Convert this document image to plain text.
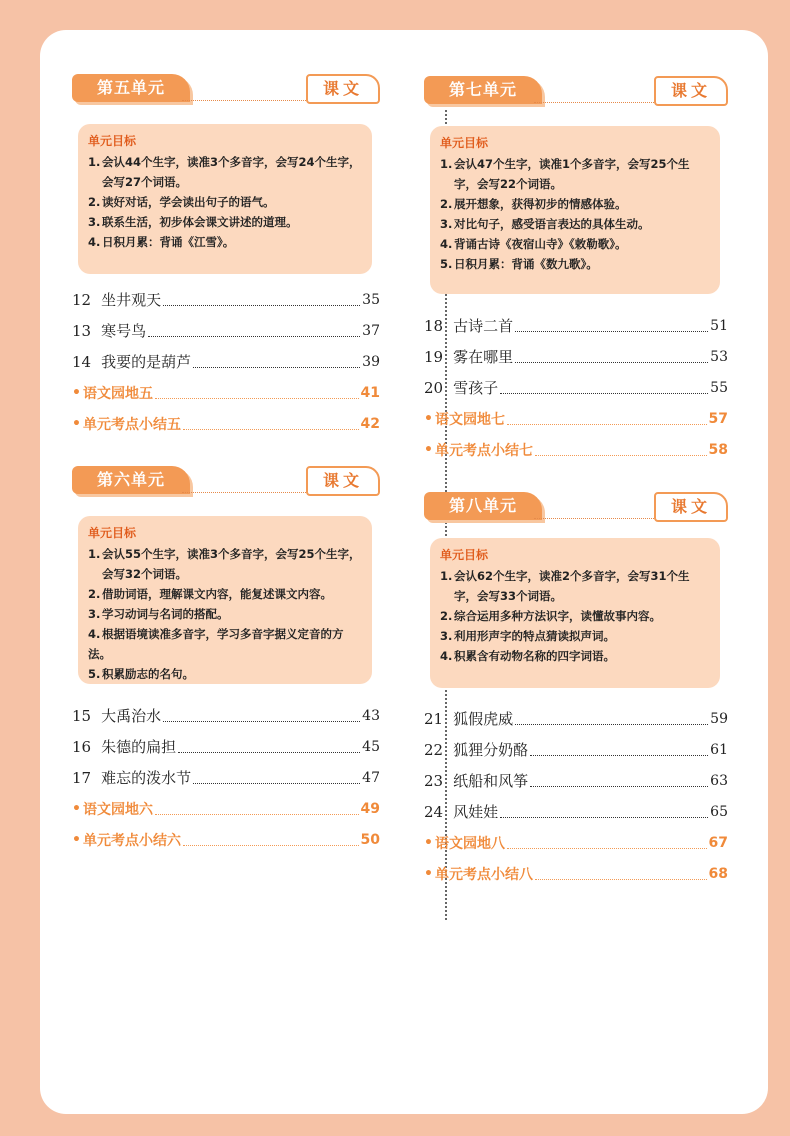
第五单元	课文
单元目标
1. 会认44个生字，读准3个多音字，会写24个生字，
会写27个词语。
2. 读好对话，学会读出句子的语气。
3. 联系生活，初步体会课文讲述的道理。
4. 日积月累：背诵《江雪》。
12 坐井观天	35
13 寒号鸟	37
14 我要的是葫芦	39
• 语文园地五	41
• 单元考点小结五	42
第六单元	课文
单元目标
1. 会认55个生字，读准3个多音字，会写25个生字，
会写32个词语。
2. 借助词语，理解课文内容，能复述课文内容。
3. 学习动词与名词的搭配。
4. 根据语境读准多音字，学习多音字据义定音的方法。
5. 积累励志的名句。
15 大禹治水	43
16 朱德的扁担	45
17 难忘的泼水节	47
• 语文园地六	49
• 单元考点小结六	50
第七单元	课文
单元目标
1. 会认47个生字，读准1个多音字，会写25个生
字，会写22个词语。
2. 展开想象，获得初步的情感体验。
3. 对比句子，感受语言表达的具体生动。
4. 背诵古诗《夜宿山寺》《敕勒歌》。
5. 日积月累：背诵《数九歌》。
18 古诗二首	51
19 雾在哪里	53
20 雪孩子	55
• 语文园地七	57
• 单元考点小结七	58
第八单元	课文
单元目标
1. 会认62个生字，读准2个多音字，会写31个生
字，会写33个词语。
2. 综合运用多种方法识字，读懂故事内容。
3. 利用形声字的特点猜读拟声词。
4. 积累含有动物名称的四字词语。
21 狐假虎威	59
22 狐狸分奶酪	61
23 纸船和风筝	63
24 风娃娃	65
• 语文园地八	67
• 单元考点小结八	68
